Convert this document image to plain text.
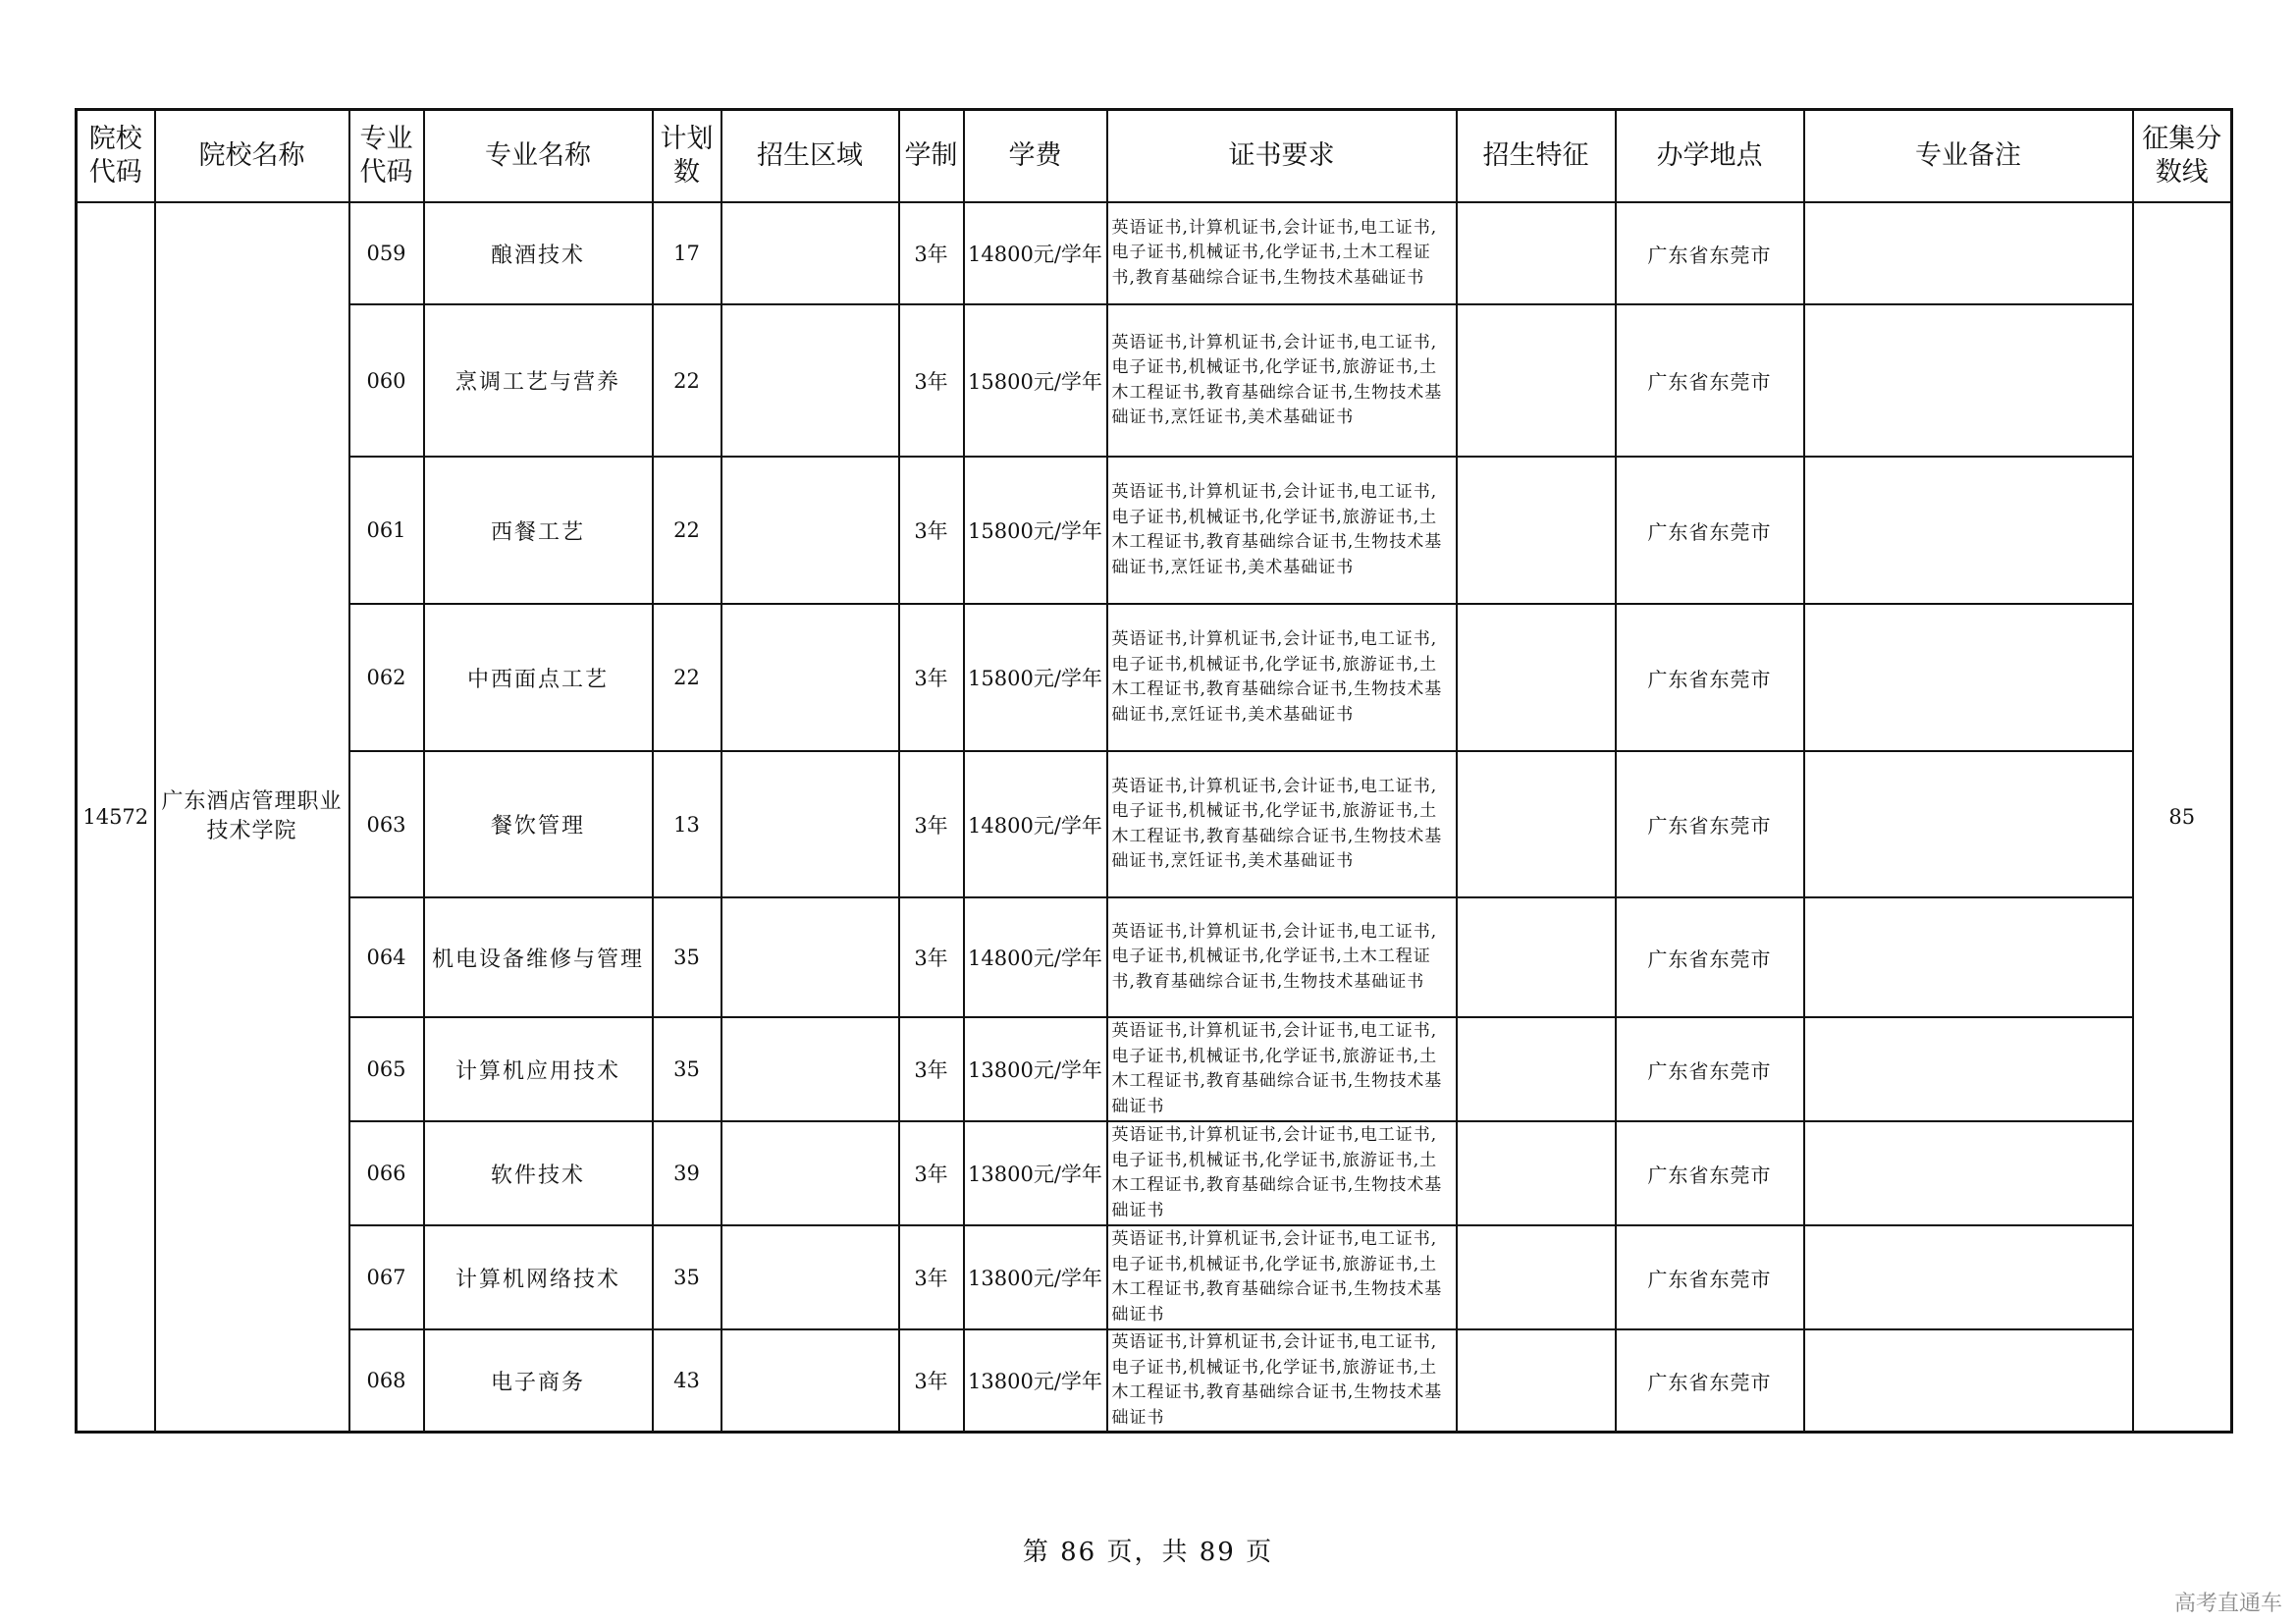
院校代码	院校名称	专业代码	专业名称	计划数	招生区域	学制	学费	证书要求	招生特征	办学地点	专业备注	征集分数线
14572	广东酒店管理职业技术学院	059	酿酒技术	17		3年	14800元/学年	英语证书,计算机证书,会计证书,电工证书,电子证书,机械证书,化学证书,土木工程证书,教育基础综合证书,生物技术基础证书		广东省东莞市		85
		060	烹调工艺与营养	22		3年	15800元/学年	英语证书,计算机证书,会计证书,电工证书,电子证书,机械证书,化学证书,旅游证书,土木工程证书,教育基础综合证书,生物技术基础证书,烹饪证书,美术基础证书		广东省东莞市		
		061	西餐工艺	22		3年	15800元/学年	英语证书,计算机证书,会计证书,电工证书,电子证书,机械证书,化学证书,旅游证书,土木工程证书,教育基础综合证书,生物技术基础证书,烹饪证书,美术基础证书		广东省东莞市		
		062	中西面点工艺	22		3年	15800元/学年	英语证书,计算机证书,会计证书,电工证书,电子证书,机械证书,化学证书,旅游证书,土木工程证书,教育基础综合证书,生物技术基础证书,烹饪证书,美术基础证书		广东省东莞市		
		063	餐饮管理	13		3年	14800元/学年	英语证书,计算机证书,会计证书,电工证书,电子证书,机械证书,化学证书,旅游证书,土木工程证书,教育基础综合证书,生物技术基础证书,烹饪证书,美术基础证书		广东省东莞市		
		064	机电设备维修与管理	35		3年	14800元/学年	英语证书,计算机证书,会计证书,电工证书,电子证书,机械证书,化学证书,土木工程证书,教育基础综合证书,生物技术基础证书		广东省东莞市		
		065	计算机应用技术	35		3年	13800元/学年	英语证书,计算机证书,会计证书,电工证书,电子证书,机械证书,化学证书,旅游证书,土木工程证书,教育基础综合证书,生物技术基础证书		广东省东莞市		
		066	软件技术	39		3年	13800元/学年	英语证书,计算机证书,会计证书,电工证书,电子证书,机械证书,化学证书,旅游证书,土木工程证书,教育基础综合证书,生物技术基础证书		广东省东莞市		
		067	计算机网络技术	35		3年	13800元/学年	英语证书,计算机证书,会计证书,电工证书,电子证书,机械证书,化学证书,旅游证书,土木工程证书,教育基础综合证书,生物技术基础证书		广东省东莞市		
		068	电子商务	43		3年	13800元/学年	英语证书,计算机证书,会计证书,电工证书,电子证书,机械证书,化学证书,旅游证书,土木工程证书,教育基础综合证书,生物技术基础证书		广东省东莞市		
第 86 页，共 89 页
高考直通车
